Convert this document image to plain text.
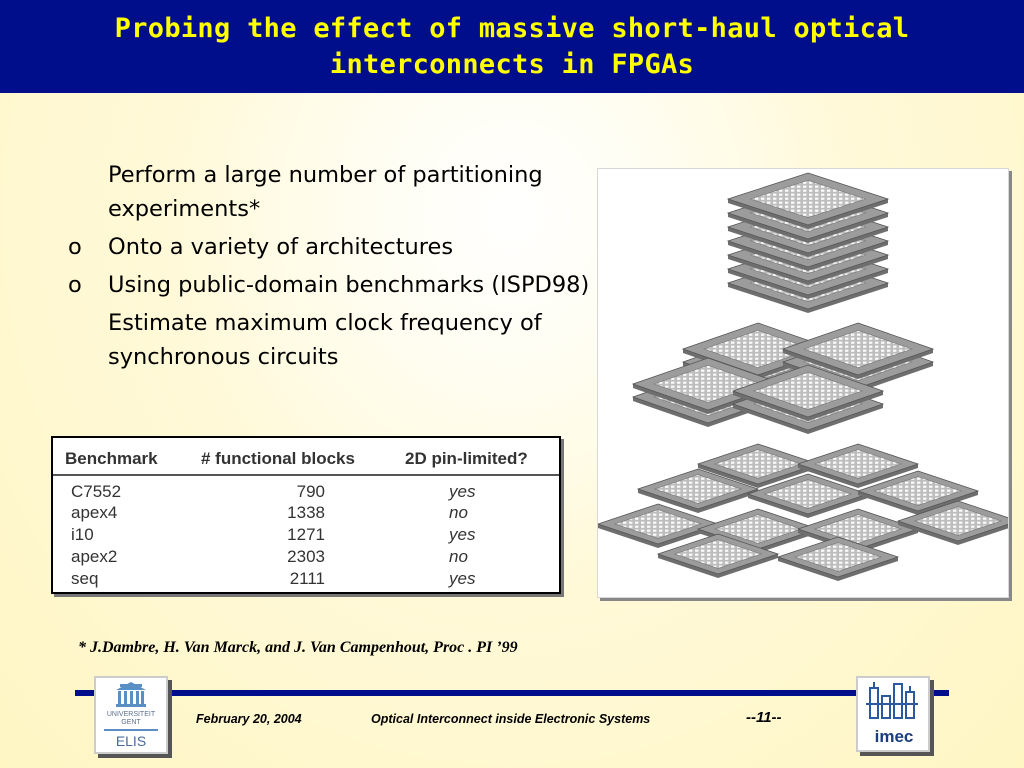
Probing the effect of massive short-haul optical
interconnects in FPGAs

Perform a large number of partitioning experiments*

o Onto a variety of architectures

o Using public-domain benchmarks (ISPD98)

Estimate maximum clock frequency of synchronous circuits

Benchmark	# functional blocks	2D pin-limited?
C7552	790	yes
apex4	1338	no
i10	1271	yes
apex2	2303	no
seq	2111	yes
* J.Dambre, H. Van Marck, and J. Van Campenhout, Proc . PI ’99
UNIVERSITEIT
GENT
ELIS
February 20, 2004	Optical Interconnect inside Electronic Systems	--11--
imec
